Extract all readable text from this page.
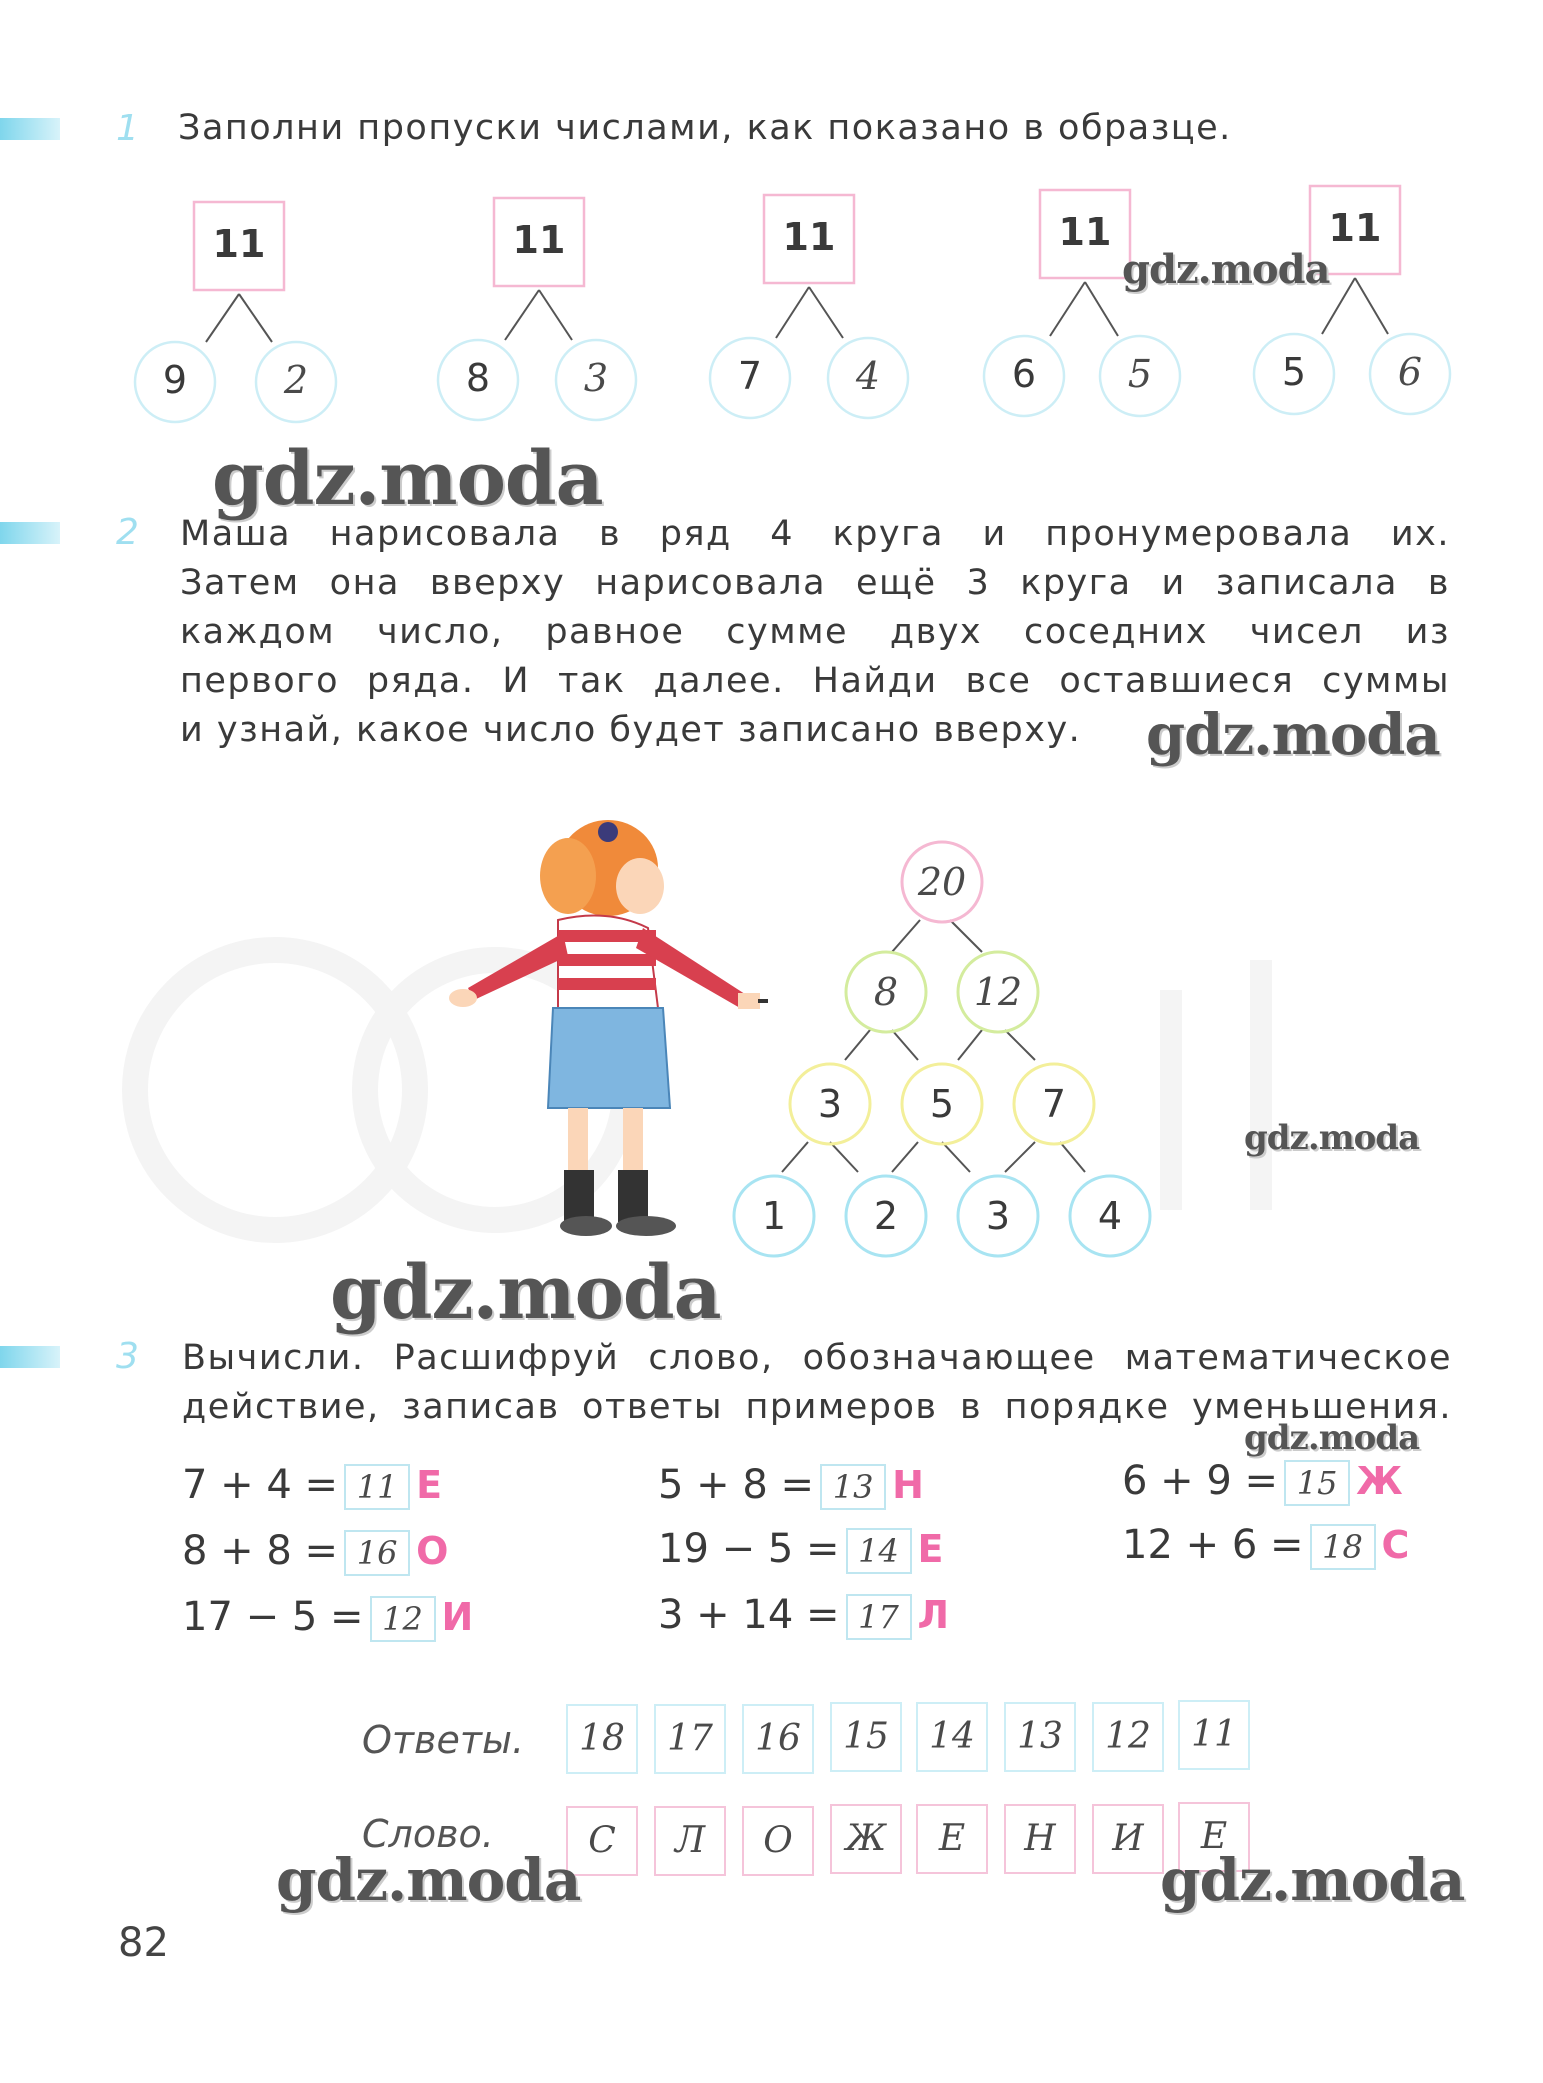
1 Заполни пропуски числами, как показано в образце.
11
9	2
11
8	3
11
7	4
11
6	5
11
5	6
gdz.moda
gdz.moda
2 Маша нарисовала в ряд 4 круга и пронумеровала их.
Затем она вверху нарисовала ещё 3 круга и записала в
каждом число, равное сумме двух соседних чисел из
первого ряда. И так далее. Найди все оставшиеся суммы
и узнай, какое число будет записано вверху.	gdz.moda
20
8	12
3	5	7
1	2	3	4
gdz.moda
gdz.moda
3 Вычисли. Расшифруй слово, обозначающее математическое
действие, записав ответы примеров в порядке уменьшения.
gdz.moda
7 + 4 = 11 Е	5 + 8 = 13 Н	6 + 9 = 15 Ж
8 + 8 = 16 О	19 − 5 = 14 Е	12 + 6 = 18 С
17 − 5 = 12 И	3 + 14 = 17 Л
Ответы.	18	17	16	15	14	13	12	11
Слово.	С	Л	О	Ж	Е	Н	И	Е
gdz.moda	gdz.moda
82
